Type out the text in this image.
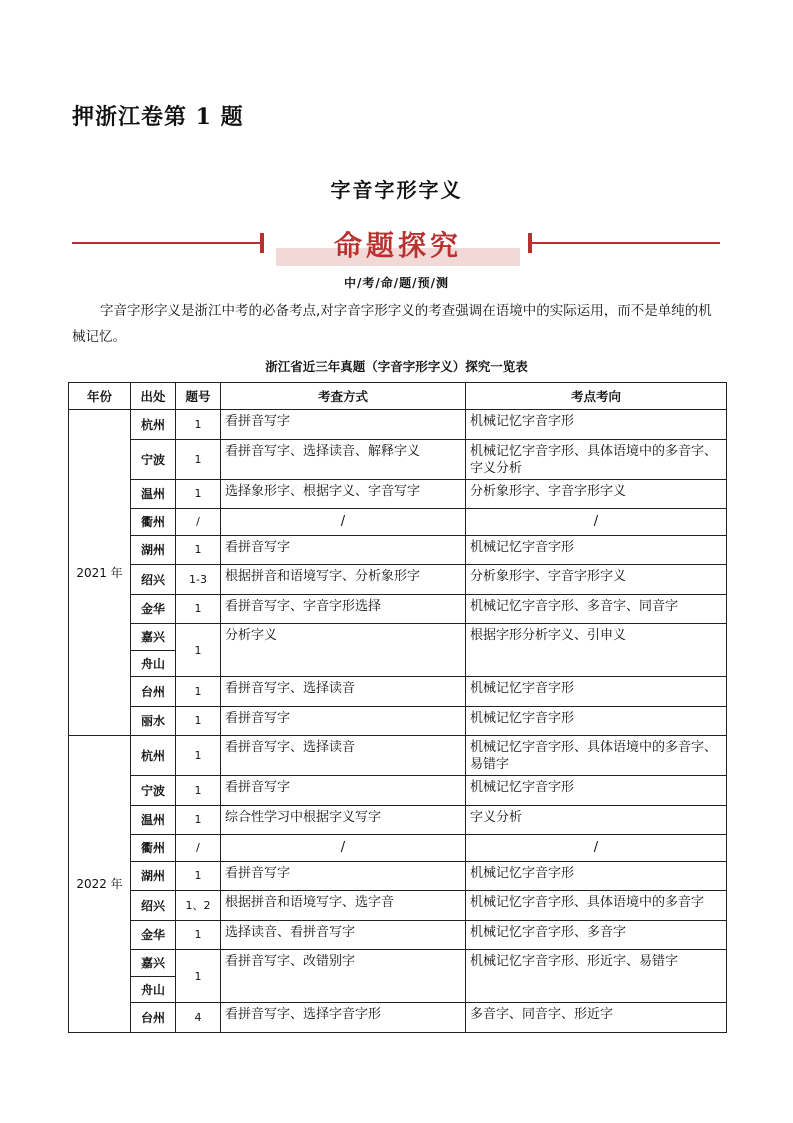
押浙江卷第 1 题
字音字形字义
命题探究
中/考/命/题/预/测
字音字形字义是浙江中考的必备考点,对字音字形字义的考查强调在语境中的实际运用，而不是单纯的机械记忆。
浙江省近三年真题（字音字形字义）探究一览表
年份	出处	题号	考查方式	考点考向
2021 年	杭州	1	看拼音写字	机械记忆字音字形
	宁波	1	看拼音写字、选择读音、解释字义	机械记忆字音字形、具体语境中的多音字、字义分析
	温州	1	选择象形字、根据字义、字音写字	分析象形字、字音字形字义
	衢州	/	/	/
	湖州	1	看拼音写字	机械记忆字音字形
	绍兴	1-3	根据拼音和语境写字、分析象形字	分析象形字、字音字形字义
	金华	1	看拼音写字、字音字形选择	机械记忆字音字形、多音字、同音字
	嘉兴	1	分析字义	根据字形分析字义、引申义
	舟山			
	台州	1	看拼音写字、选择读音	机械记忆字音字形
	丽水	1	看拼音写字	机械记忆字音字形
2022 年	杭州	1	看拼音写字、选择读音	机械记忆字音字形、具体语境中的多音字、易错字
	宁波	1	看拼音写字	机械记忆字音字形
	温州	1	综合性学习中根据字义写字	字义分析
	衢州	/	/	/
	湖州	1	看拼音写字	机械记忆字音字形
	绍兴	1、2	根据拼音和语境写字、选字音	机械记忆字音字形、具体语境中的多音字
	金华	1	选择读音、看拼音写字	机械记忆字音字形、多音字
	嘉兴	1	看拼音写字、改错别字	机械记忆字音字形、形近字、易错字
	舟山			
	台州	4	看拼音写字、选择字音字形	多音字、同音字、形近字
